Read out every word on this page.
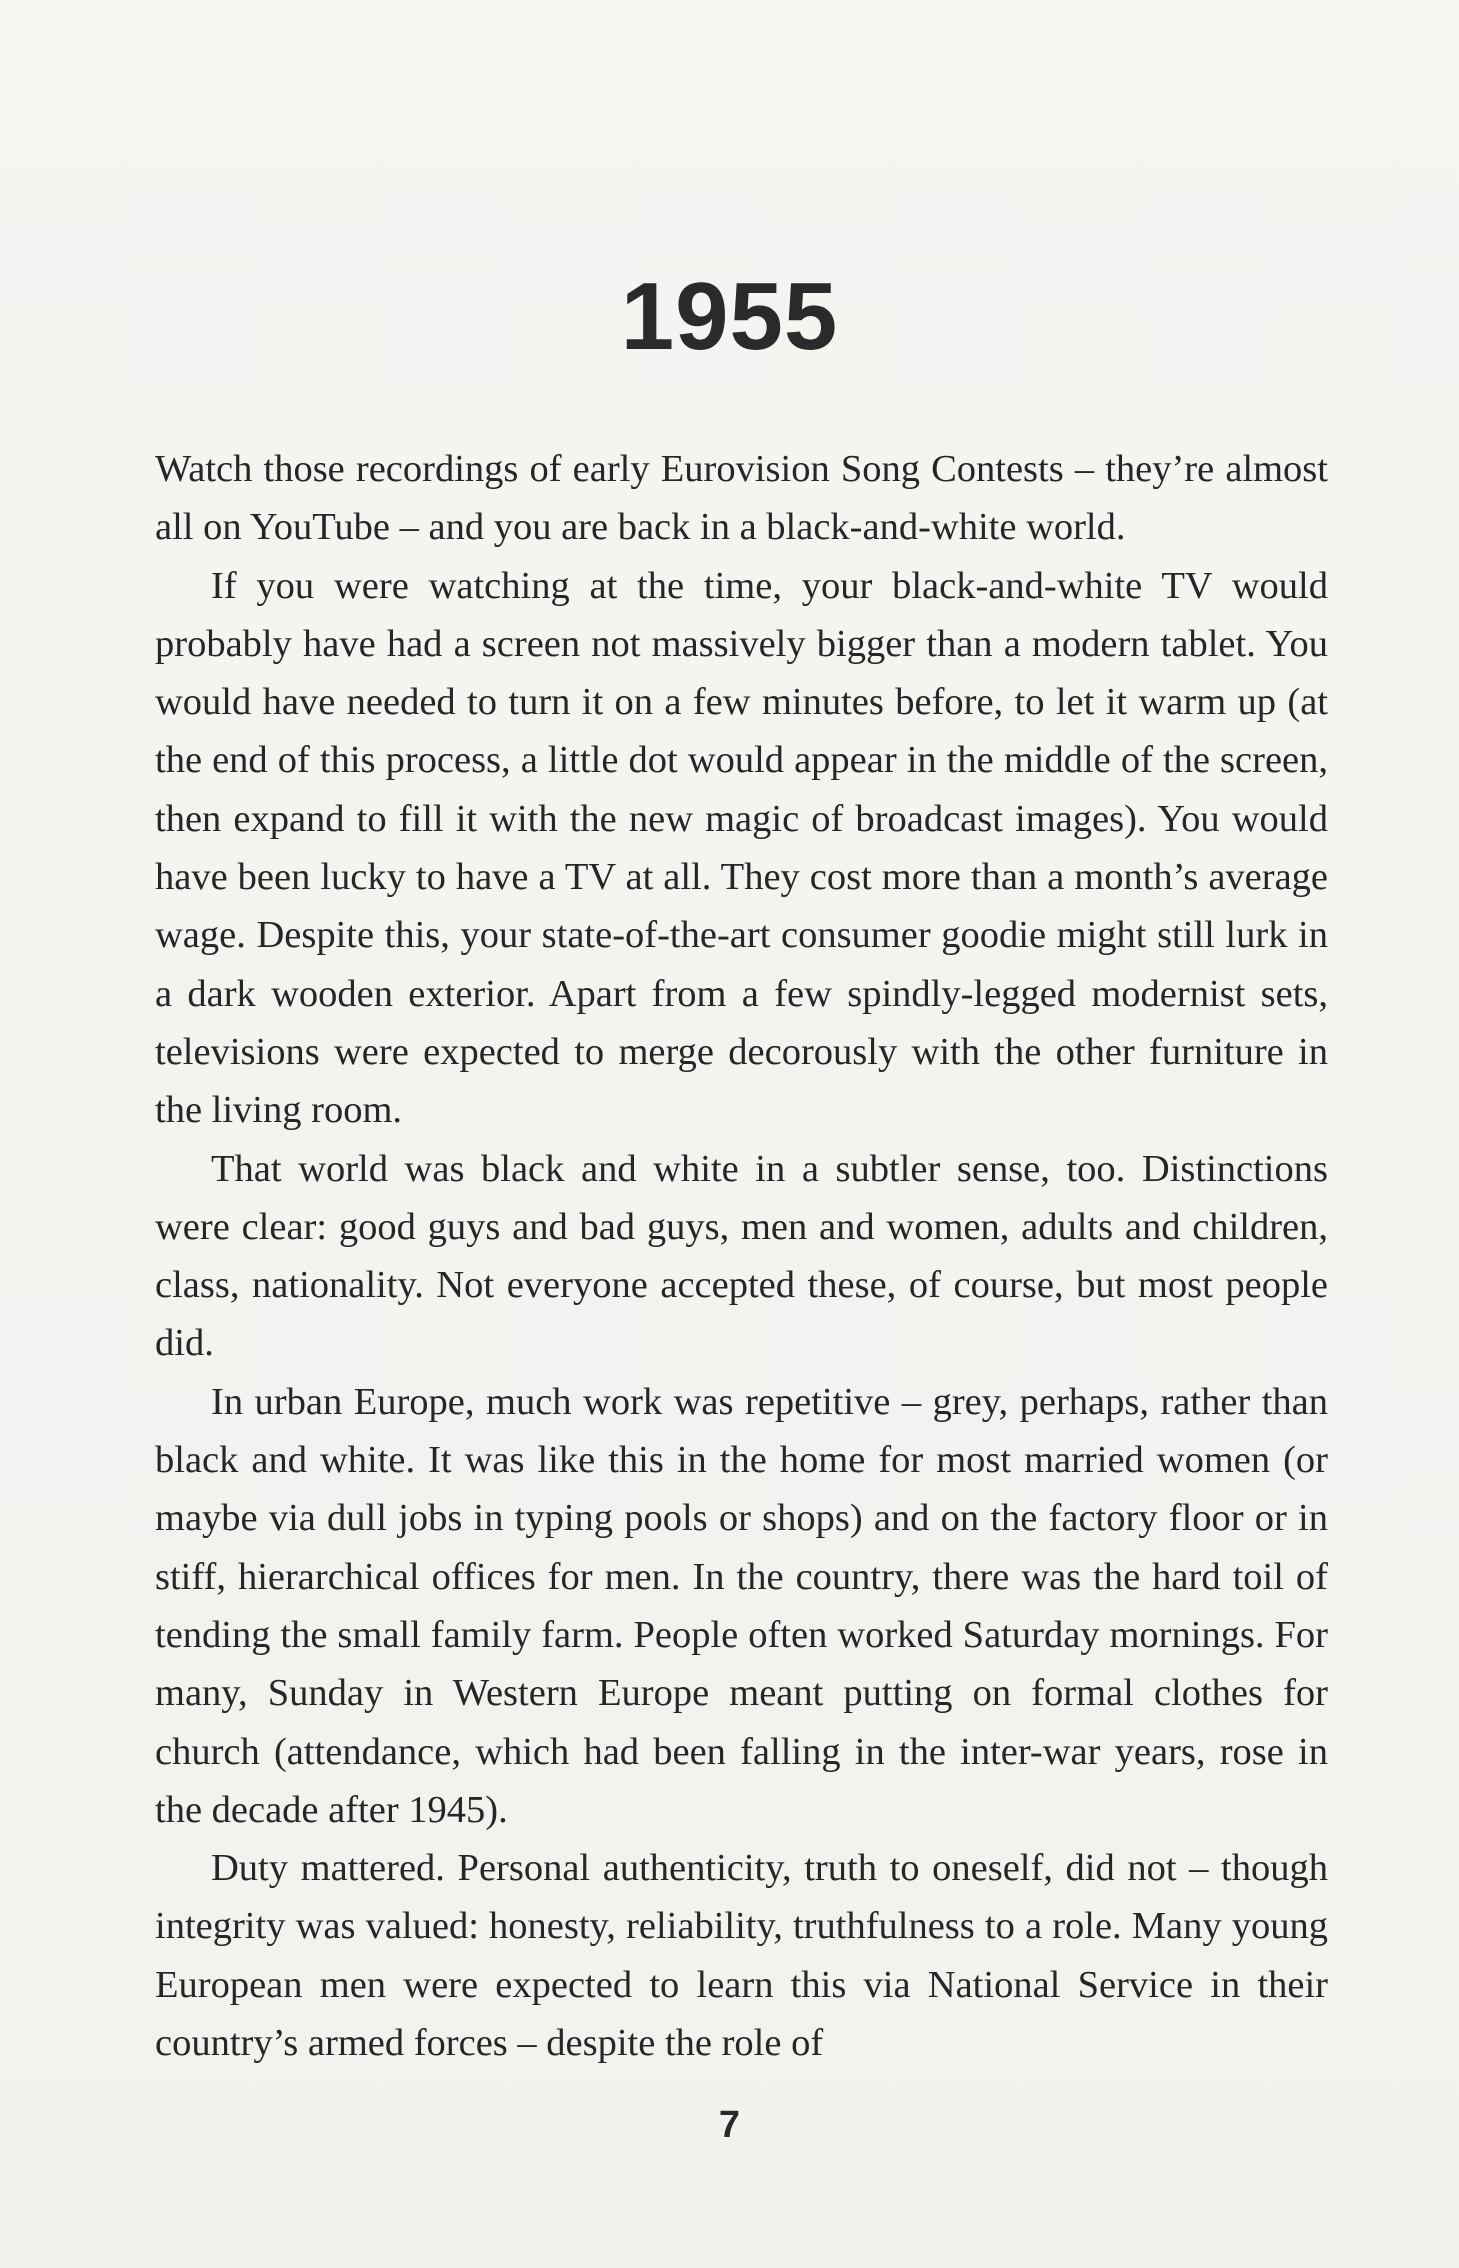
1955

Watch those recordings of early Eurovision Song Contests – they’re almost all on YouTube – and you are back in a black-and-white world.

If you were watching at the time, your black-and-white TV would probably have had a screen not massively bigger than a modern tablet. You would have needed to turn it on a few minutes before, to let it warm up (at the end of this process, a little dot would appear in the middle of the screen, then expand to fill it with the new magic of broadcast images). You would have been lucky to have a TV at all. They cost more than a month’s average wage. Despite this, your state-of-the-art consumer goodie might still lurk in a dark wooden exterior. Apart from a few spindly-legged modernist sets, televisions were expected to merge decorously with the other furniture in the living room.

That world was black and white in a subtler sense, too. Distinctions were clear: good guys and bad guys, men and women, adults and children, class, nationality. Not everyone accepted these, of course, but most people did.

In urban Europe, much work was repetitive – grey, perhaps, rather than black and white. It was like this in the home for most married women (or maybe via dull jobs in typing pools or shops) and on the factory floor or in stiff, hierarchical offices for men. In the country, there was the hard toil of tending the small family farm. People often worked Saturday mornings. For many, Sunday in Western Europe meant putting on formal clothes for church (attendance, which had been falling in the inter-war years, rose in the decade after 1945).

Duty mattered. Personal authenticity, truth to oneself, did not – though integrity was valued: honesty, reliability, truthfulness to a role. Many young European men were expected to learn this via National Service in their country’s armed forces – despite the role of

7
